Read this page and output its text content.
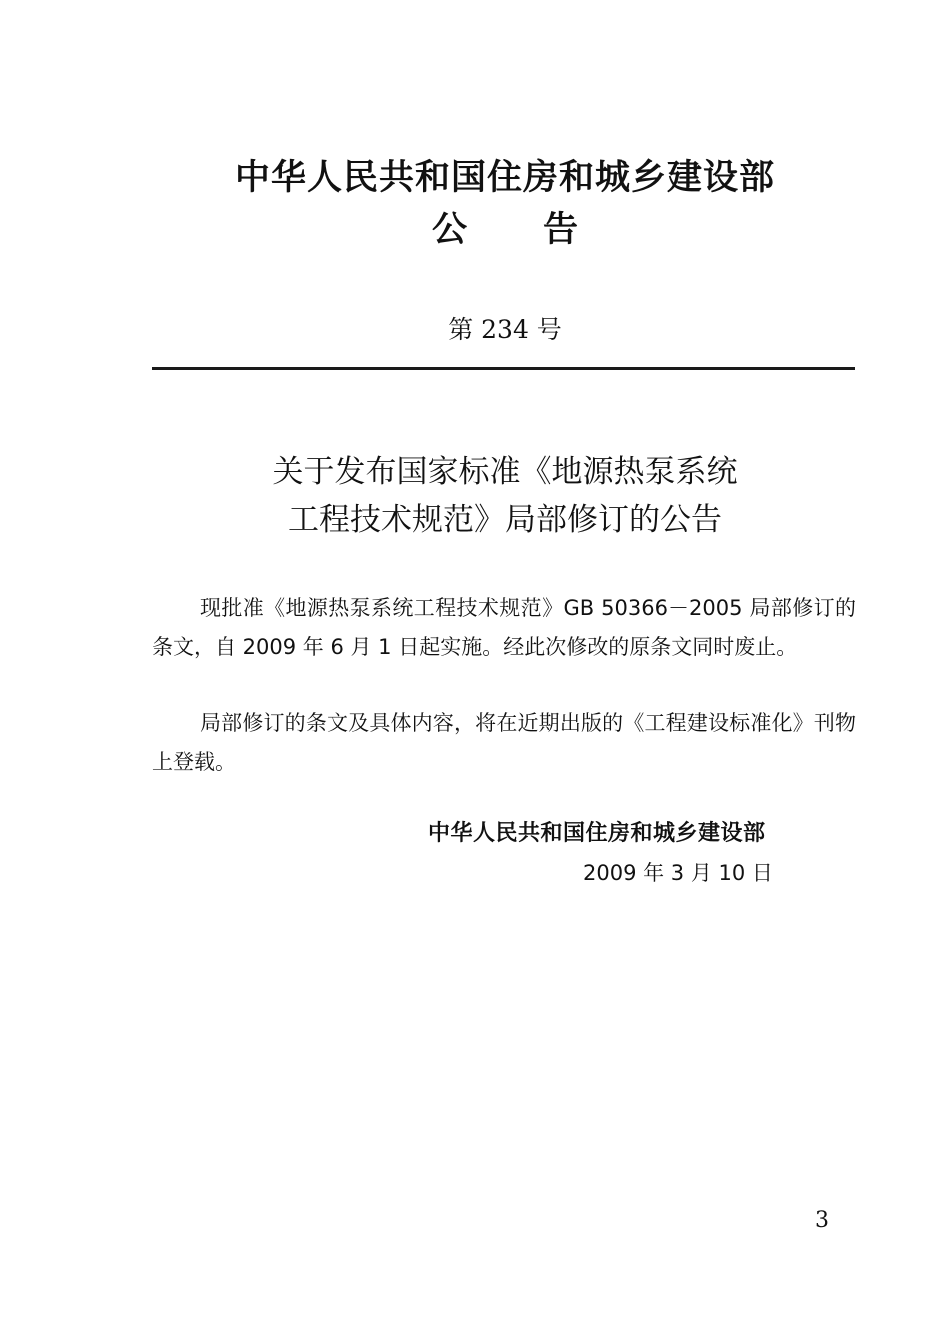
中华人民共和国住房和城乡建设部
公 告
第 234 号
关于发布国家标准《地源热泵系统
工程技术规范》局部修订的公告
现批准《地源热泵系统工程技术规范》GB 50366－2005 局部修订的条文，自 2009 年 6 月 1 日起实施。经此次修改的原条文同时废止。
局部修订的条文及具体内容，将在近期出版的《工程建设标准化》刊物上登载。
中华人民共和国住房和城乡建设部
2009 年 3 月 10 日
3
